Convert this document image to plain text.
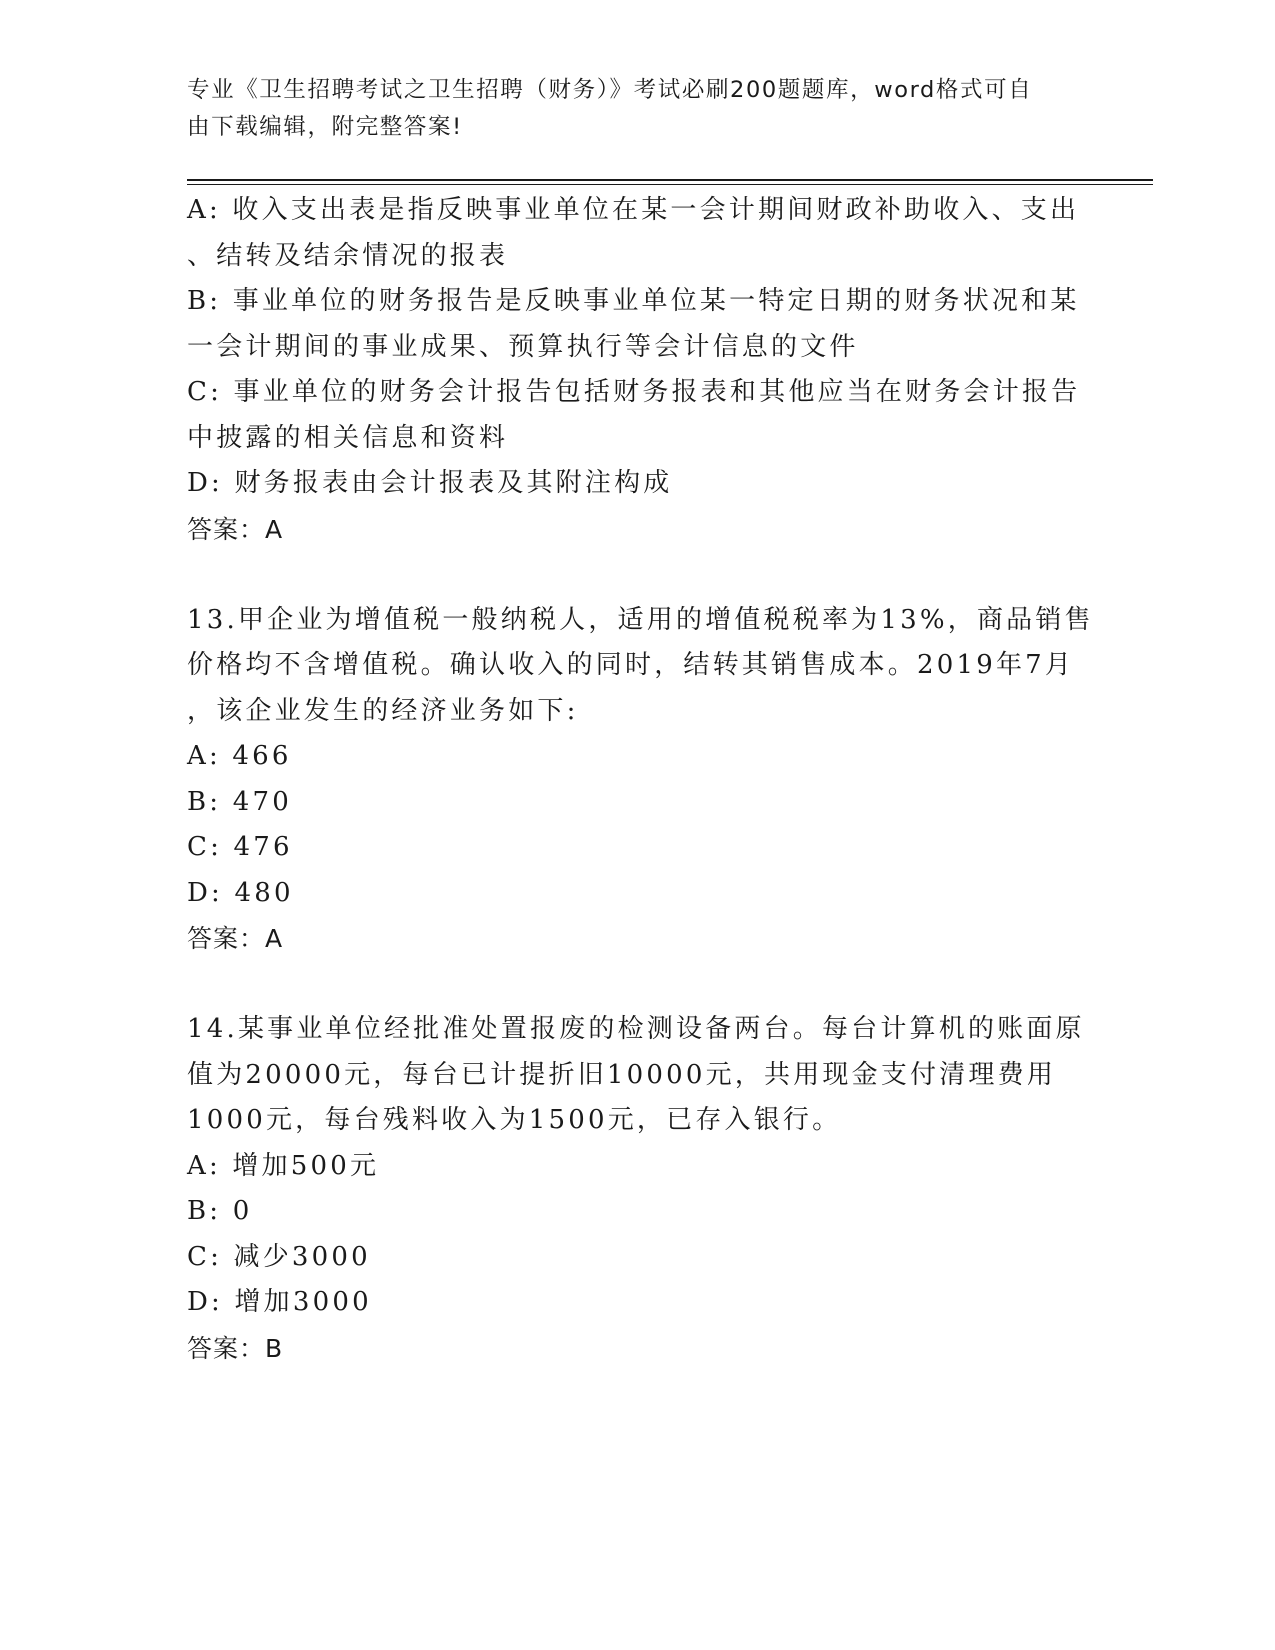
专业《卫生招聘考试之卫生招聘（财务）》考试必刷200题题库，word格式可自
由下载编辑，附完整答案!
A: 收入支出表是指反映事业单位在某一会计期间财政补助收入、支出
、结转及结余情况的报表
B: 事业单位的财务报告是反映事业单位某一特定日期的财务状况和某
一会计期间的事业成果、预算执行等会计信息的文件
C: 事业单位的财务会计报告包括财务报表和其他应当在财务会计报告
中披露的相关信息和资料
D: 财务报表由会计报表及其附注构成
答案：A
13.甲企业为增值税一般纳税人，适用的增值税税率为13%，商品销售
价格均不含增值税。确认收入的同时，结转其销售成本。2019年7月
，该企业发生的经济业务如下:
A: 466
B: 470
C: 476
D: 480
答案：A
14.某事业单位经批准处置报废的检测设备两台。每台计算机的账面原
值为20000元，每台已计提折旧10000元，共用现金支付清理费用
1000元，每台残料收入为1500元，已存入银行。
A: 增加500元
B: 0
C: 减少3000
D: 增加3000
答案：B
